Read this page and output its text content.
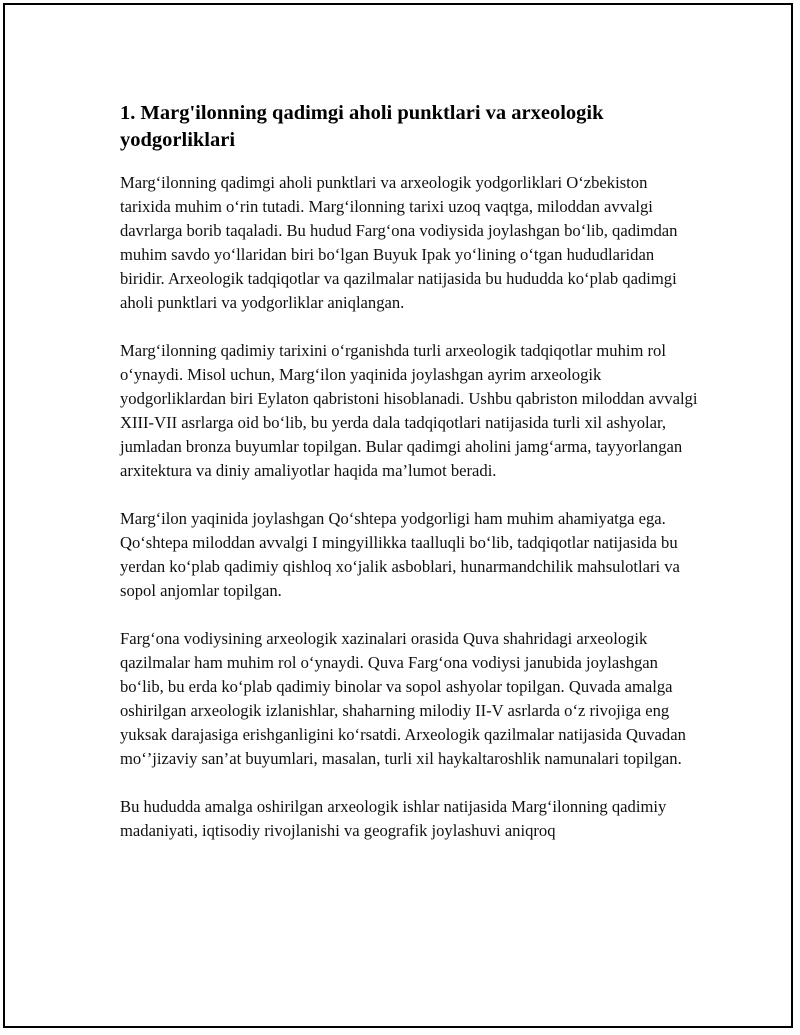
1. Marg'ilonning qadimgi aholi punktlari va arxeologik yodgorliklari

Marg‘ilonning qadimgi aholi punktlari va arxeologik yodgorliklari O‘zbekiston tarixida muhim o‘rin tutadi. Marg‘ilonning tarixi uzoq vaqtga, miloddan avvalgi davrlarga borib taqaladi. Bu hudud Farg‘ona vodiysida joylashgan bo‘lib, qadimdan muhim savdo yo‘llaridan biri bo‘lgan Buyuk Ipak yo‘lining o‘tgan hududlaridan biridir. Arxeologik tadqiqotlar va qazilmalar natijasida bu hududda ko‘plab qadimgi aholi punktlari va yodgorliklar aniqlangan.

Marg‘ilonning qadimiy tarixini o‘rganishda turli arxeologik tadqiqotlar muhim rol o‘ynaydi. Misol uchun, Marg‘ilon yaqinida joylashgan ayrim arxeologik yodgorliklardan biri Eylaton qabristoni hisoblanadi. Ushbu qabriston miloddan avvalgi XIII-VII asrlarga oid bo‘lib, bu yerda dala tadqiqotlari natijasida turli xil ashyolar, jumladan bronza buyumlar topilgan. Bular qadimgi aholini jamg‘arma, tayyorlangan arxitektura va diniy amaliyotlar haqida ma’lumot beradi.

Marg‘ilon yaqinida joylashgan Qo‘shtepa yodgorligi ham muhim ahamiyatga ega. Qo‘shtepa miloddan avvalgi I mingyillikka taalluqli bo‘lib, tadqiqotlar natijasida bu yerdan ko‘plab qadimiy qishloq xo‘jalik asboblari, hunarmandchilik mahsulotlari va sopol anjomlar topilgan.

Farg‘ona vodiysining arxeologik xazinalari orasida Quva shahridagi arxeologik qazilmalar ham muhim rol o‘ynaydi. Quva Farg‘ona vodiysi janubida joylashgan bo‘lib, bu erda ko‘plab qadimiy binolar va sopol ashyolar topilgan. Quvada amalga oshirilgan arxeologik izlanishlar, shaharning milodiy II-V asrlarda o‘z rivojiga eng yuksak darajasiga erishganligini ko‘rsatdi. Arxeologik qazilmalar natijasida Quvadan mo‘’jizaviy san’at buyumlari, masalan, turli xil haykaltaroshlik namunalari topilgan.

Bu hududda amalga oshirilgan arxeologik ishlar natijasida Marg‘ilonning qadimiy madaniyati, iqtisodiy rivojlanishi va geografik joylashuvi aniqroq
